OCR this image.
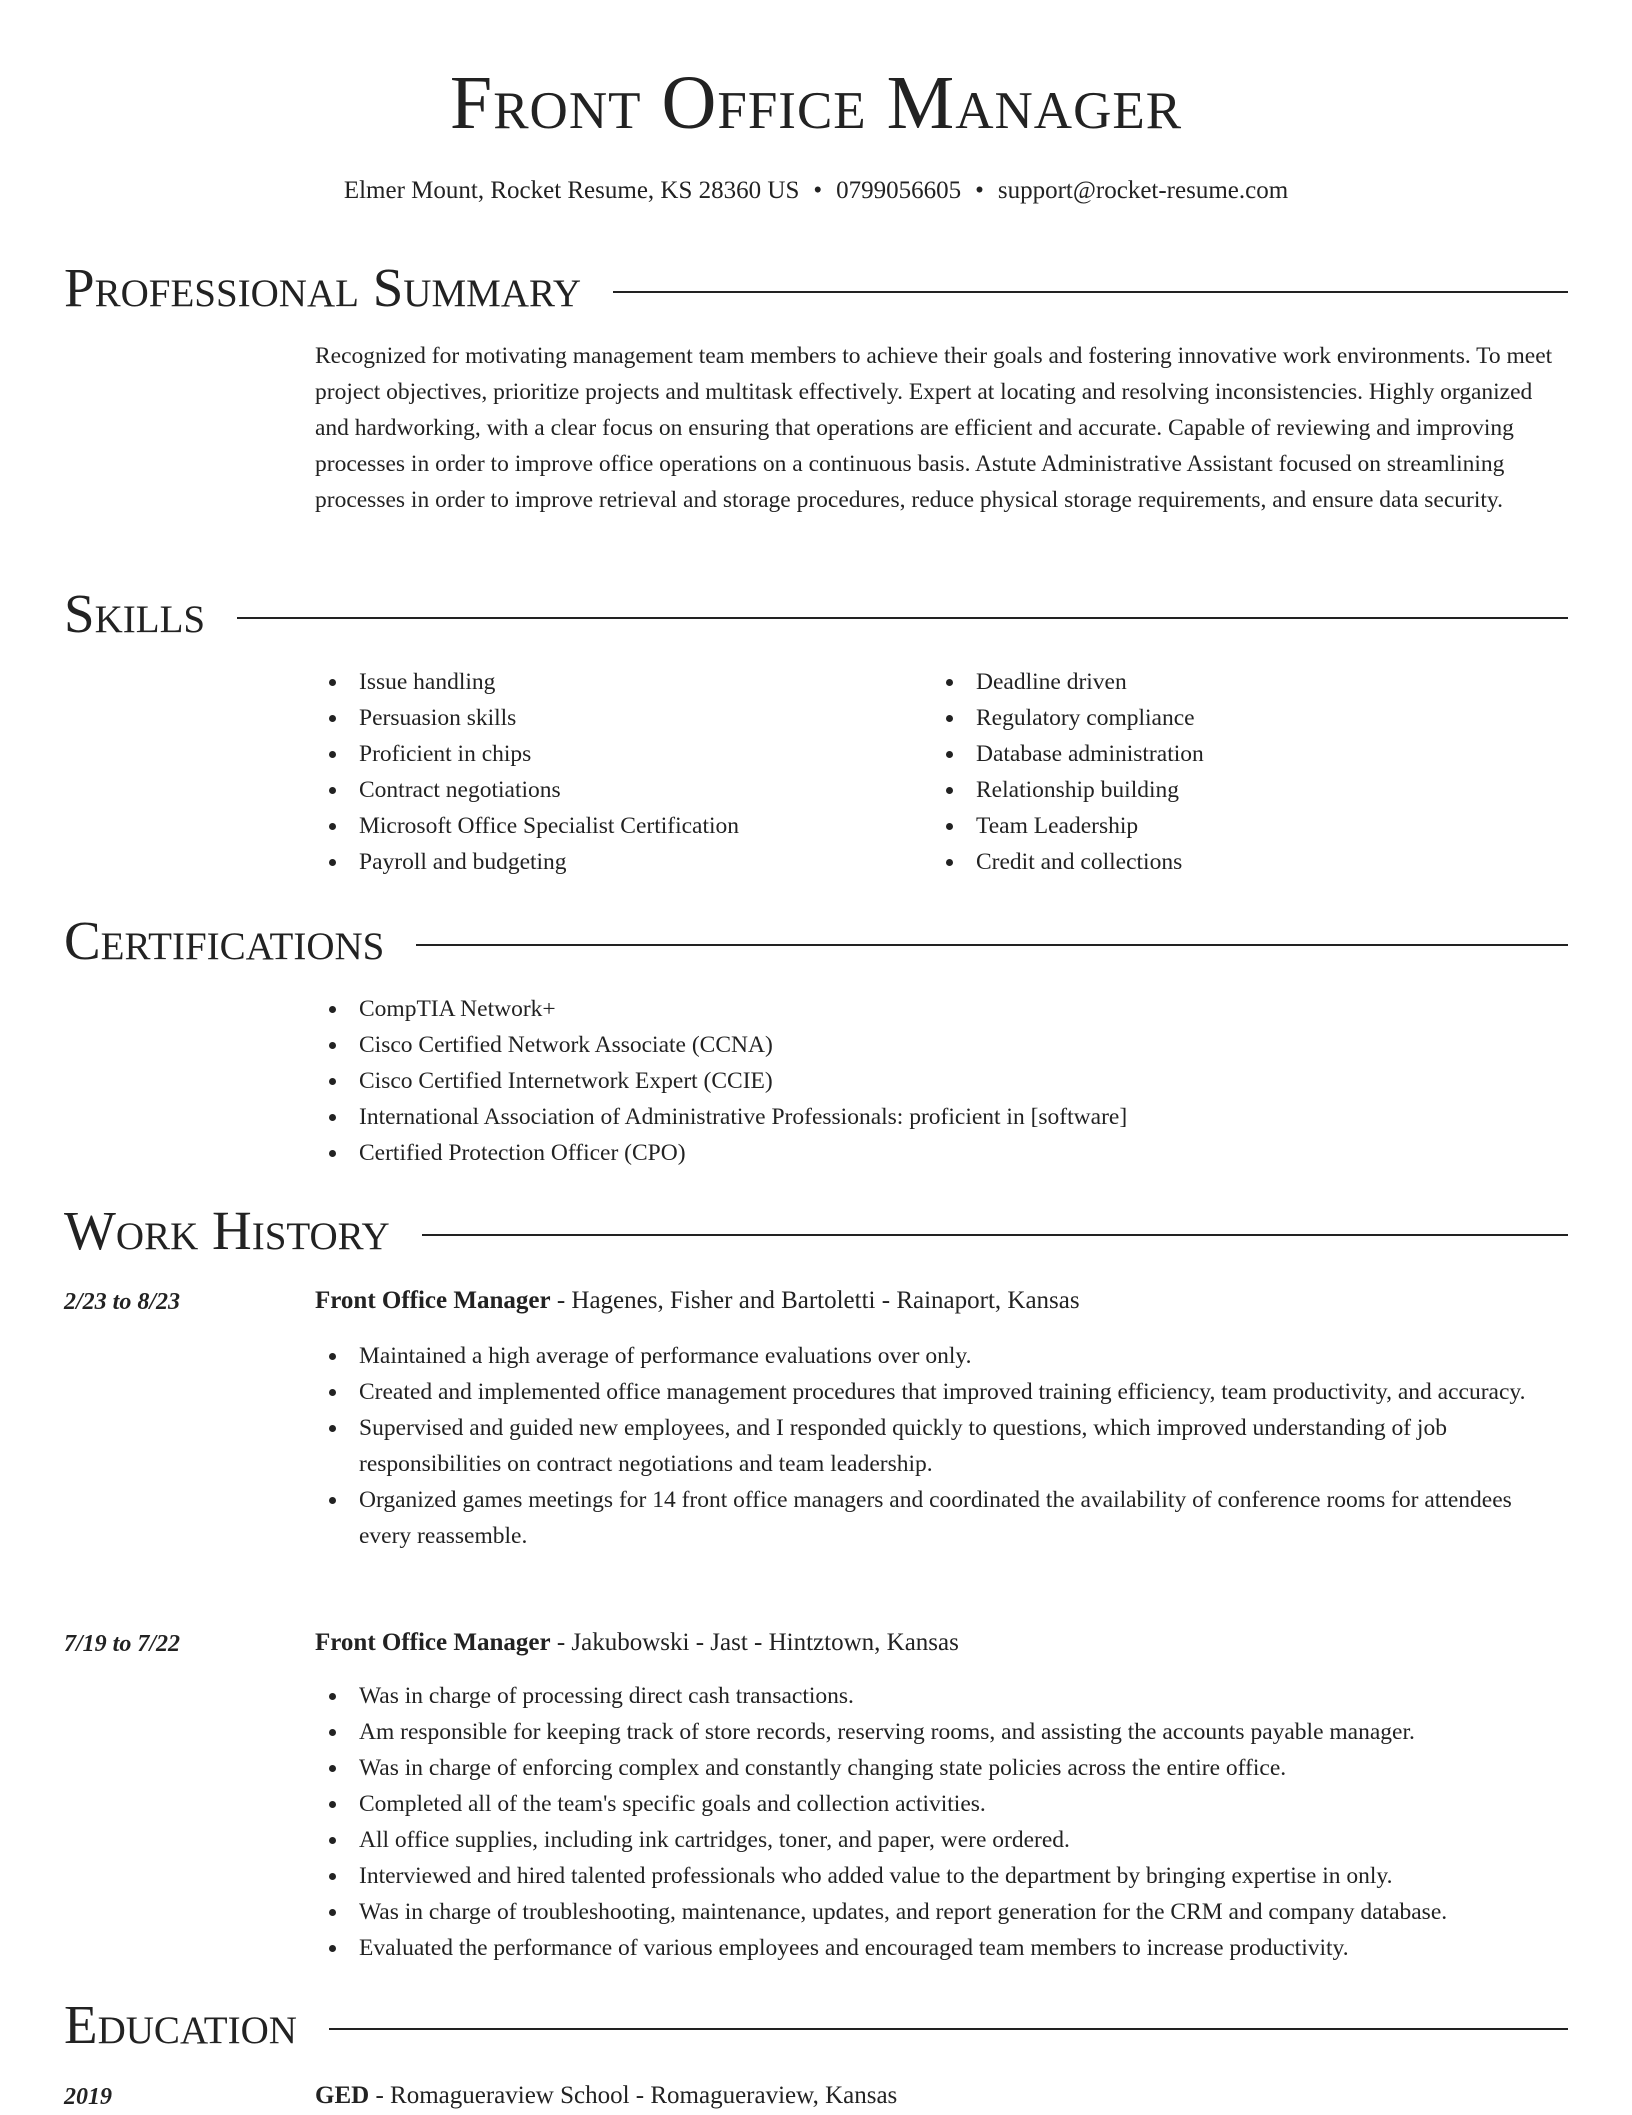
Front Office Manager
Elmer Mount, Rocket Resume, KS 28360 US • 0799056605 • support@rocket-resume.com
Professional Summary

Recognized for motivating management team members to achieve their goals and fostering innovative work environments. To meet project objectives, prioritize projects and multitask effectively. Expert at locating and resolving inconsistencies. Highly organized and hardworking, with a clear focus on ensuring that operations are efficient and accurate. Capable of reviewing and improving processes in order to improve office operations on a continuous basis. Astute Administrative Assistant focused on streamlining processes in order to improve retrieval and storage procedures, reduce physical storage requirements, and ensure data security.

Skills
Issue handling
Persuasion skills
Proficient in chips
Contract negotiations
Microsoft Office Specialist Certification
Payroll and budgeting
Deadline driven
Regulatory compliance
Database administration
Relationship building
Team Leadership
Credit and collections
Certifications
CompTIA Network+
Cisco Certified Network Associate (CCNA)
Cisco Certified Internetwork Expert (CCIE)
International Association of Administrative Professionals: proficient in [software]
Certified Protection Officer (CPO)
Work History
2/23 to 8/23	Front Office Manager - Hagenes, Fisher and Bartoletti - Rainaport, Kansas
Maintained a high average of performance evaluations over only.
Created and implemented office management procedures that improved training efficiency, team productivity, and accuracy.
Supervised and guided new employees, and I responded quickly to questions, which improved understanding of job responsibilities on contract negotiations and team leadership.
Organized games meetings for 14 front office managers and coordinated the availability of conference rooms for attendees every reassemble.
7/19 to 7/22	Front Office Manager - Jakubowski - Jast - Hintztown, Kansas
Was in charge of processing direct cash transactions.
Am responsible for keeping track of store records, reserving rooms, and assisting the accounts payable manager.
Was in charge of enforcing complex and constantly changing state policies across the entire office.
Completed all of the team's specific goals and collection activities.
All office supplies, including ink cartridges, toner, and paper, were ordered.
Interviewed and hired talented professionals who added value to the department by bringing expertise in only.
Was in charge of troubleshooting, maintenance, updates, and report generation for the CRM and company database.
Evaluated the performance of various employees and encouraged team members to increase productivity.
Education
2019	GED - Romagueraview School - Romagueraview, Kansas
